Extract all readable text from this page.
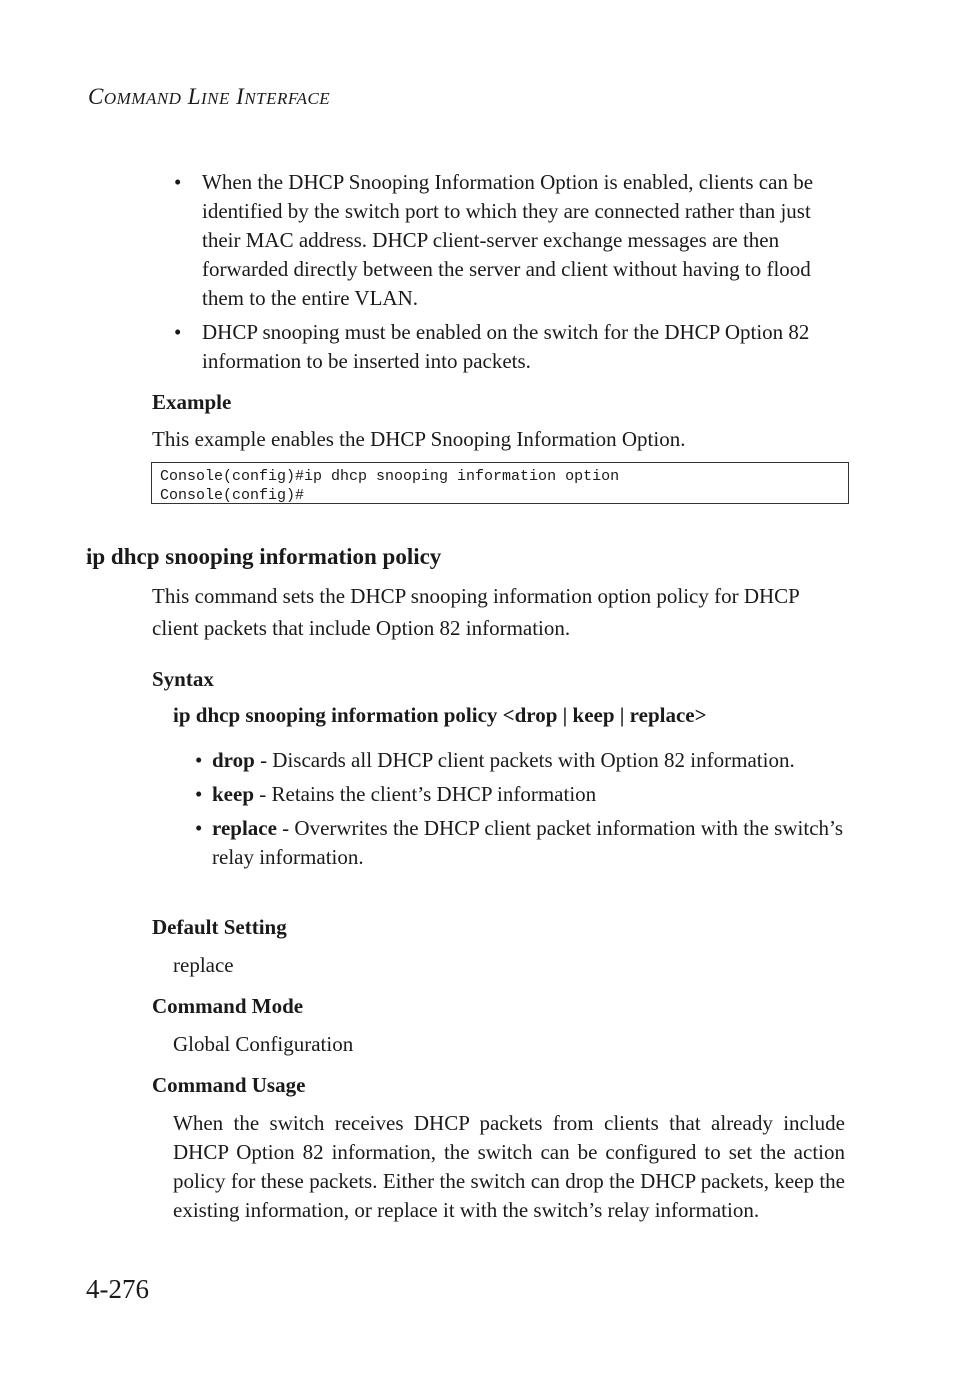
COMMAND LINE INTERFACE
• When the DHCP Snooping Information Option is enabled, clients can be identified by the switch port to which they are connected rather than just their MAC address. DHCP client-server exchange messages are then forwarded directly between the server and client without having to flood them to the entire VLAN.
• DHCP snooping must be enabled on the switch for the DHCP Option 82 information to be inserted into packets.
Example
This example enables the DHCP Snooping Information Option.
Console(config)#ip dhcp snooping information option
Console(config)#
ip dhcp snooping information policy
This command sets the DHCP snooping information option policy for DHCP client packets that include Option 82 information.
Syntax
ip dhcp snooping information policy <drop | keep | replace>
• drop - Discards all DHCP client packets with Option 82 information.
• keep - Retains the client’s DHCP information
• replace - Overwrites the DHCP client packet information with the switch’s relay information.
Default Setting
replace
Command Mode
Global Configuration
Command Usage
When the switch receives DHCP packets from clients that already include DHCP Option 82 information, the switch can be configured to set the action policy for these packets. Either the switch can drop the DHCP packets, keep the existing information, or replace it with the switch’s relay information.
4-276
